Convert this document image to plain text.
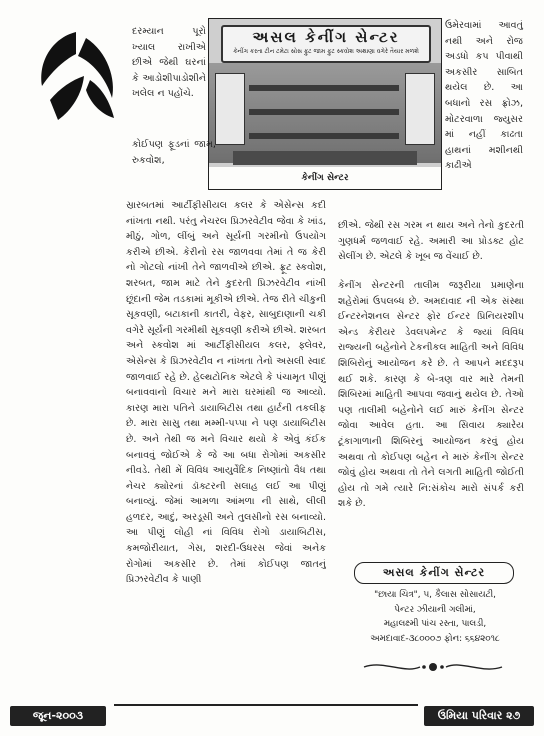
દરમ્યાન પૂરો ખ્યાલ રાખીએ છીએ જેથી ઘરનાં કે આડોશીપાડોશીને ખલેલ ન પહોંચે.
અસલ કેનીંગ સેન્ટર
કેનીંગ કરતા ટીન ટમેટા સોસ ફુટ જામ ફુટ સ્કવોશ અથાણા વગેરે તૈયાર મળશે
કેનીંગ સેન્ટર
ઉમેરવામાં આવતું નથી અને રોજ અડધો કપ પીવાથી અકસીર સાબિત થયેલ છે. આ બધાનો રસ ફ્રોઝ, મોટરવાળા જ્યુસર માં નહીં કાઢતા હાથનાં મશીનથી કાઢીએ
કોઈપણ ફૂડનાં જામ, રુકવોશ,
સ્રારબતમાં આર્ટીફીસીયલ કલર કે એસેન્સ કદી નાંખતા નથી. પરંતુ નેચરલ પ્રિઝરવેટીવ જેવા કે ખાંડ, મીઠું, ગોળ, લીંબું અને સૂર્યની ગરમીનો ઉપયોગ કરીએ છીએ. કેરીનો રસ જાળવવા તેમાં તે જ કેરી નો ગોટલો નાંખી તેને જાળવીએ છીએ. ફ્રૂટ સ્કવોશ, શરબત, જામ માટે તેને કુદરતી પ્રિઝરવેટીવ નાંખી છૂંદાની જેમ તડકામાં મૂકીએ છીએ. તેજ રીતે ચીકુની સૂકવણી, બટાકાની કાતરી, વેફર, સાબુદાણાની ચકી વગેરે સૂર્યની ગરમીથી સૂકવણી કરીએ છીએ. શરબત અને સ્કવોશ માં આર્ટીફીસીયલ કલર, ફ્લેવર, એસેન્સ કે પ્રિઝરવેટીવ ન નાંખતા તેનો અસલી સ્વાદ જાળવાઈ રહે છે. હેલ્થટોનિક એટલે કે પંચામૃત પીણું બનાવવાનો વિચાર મને મારા ઘરમાંથી જ આવ્યો. કારણ મારા પતિને ડાયાબિટીસ તથા હાર્ટની તકલીફ છે. મારા સાસુ તથા મમ્મી-પપ્પા ને પણ ડાયાબિટીસ છે. અને તેથી જ મને વિચાર થયો કે એવું કંઈક બનાવવું જોઈએ કે જે આ બધા રોગોમાં અકસીર નીવડે. તેથી મેં વિવિધ આયુર્વેદિક નિષ્ણાંતો વૈધ તથા નેચર ક્યોરનાં ડૉક્ટરની સલાહ લઈ આ પીણું બનાવ્યું. જેમાં આમળા આંમળા ની સાથે, લીલી હળદર, આદું, અરડૂસી અને તુલસીનો રસ બનાવ્યો. આ પીણું લોહી નાં વિવિધ રોગો ડાયાબિટીસ, કમજોરીયાત, ગેસ, શરદી-ઉધરસ જેવાં અનેક રોગોમાં અકસીર છે. તેમાં કોઈપણ જાતનું પ્રિઝરવેટીવ કે પાણી
છીએ. જેથી રસ ગરમ ન થાય અને તેનો કુદરતી ગુણધર્મ જળવાઈ રહે. અમારી આ પ્રોડક્ટ હોટ સેલીંગ છે. એટલે કે ખૂબ જ વેંચાઈ છે.
કેનીંગ સેન્ટરની તાલીમ જરૂરીયા પ્રમાણેના શહેરોમાં ઉપલબ્ધ છે. અમદાવાદ ની એક સંસ્થા ઈન્ટરનેશનલ સેન્ટર ફોર ઈન્ટર પ્રિનિયરશીપ એન્ડ કેરીયર ડેવલપમેન્ટ કે જ્યાં વિવિધ રાજ્યની બહેનોને ટેકનીકલ માહિતી અને વિવિધ શિબિરોનું આયોજન કરે છે. તે આપને મદદરૂપ થઈ શકે. કારણ કે બે-ત્રણ વાર મારે તેમની શિબિરમાં માહિતી આપવા જવાનું થયેલ છે. તેઓ પણ તાલીમી બહેનોને લઈ મારું કેનીંગ સેન્ટર જોવા આવેલ હતા. આ સિવાય ક્યારેય ટૂંકાગાળાની શિબિરનું આયોજન કરવું હોય અથવા તો કોઈપણ બહેન ને મારું કેનીંગ સેન્ટર જોવું હોય અથવા તો તેને લગતી માહિતી જોઈતી હોય તો ગમે ત્યારે નિ:સંકોચ મારો સંપર્ક કરી શકે છે.
અસલ કેનીંગ સેન્ટર
"છાયા ચિત્ર", ૫, કૈલાસ સોસાયટી,
પેન્ટર ઝીયાની ગલીમાં,
મહાલક્ષ્મી પાંચ રસ્તા, પાલડી,
અમદાવાદ-૩૮૦૦૦૭ ફોન: ૬૬૪૨૦૧૮
જૂન-૨૦૦૩	ઉમિયા પરિવાર ૨૭
